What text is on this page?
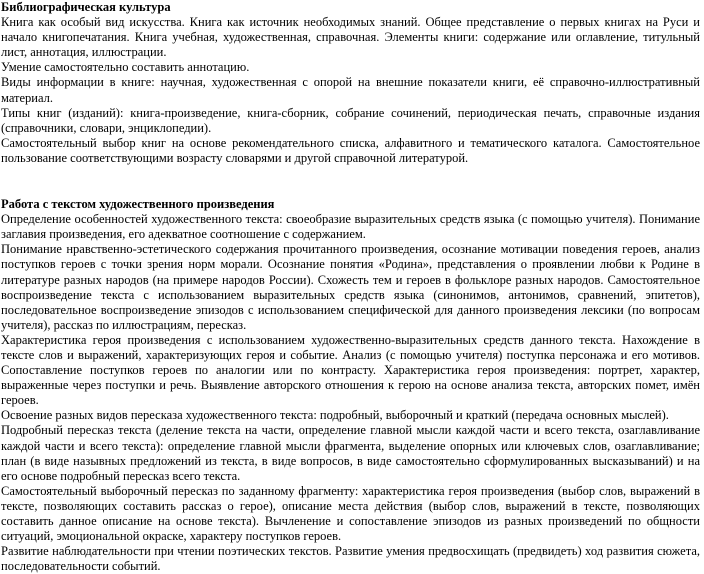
Библиографическая культура

Книга как особый вид искусства. Книга как источник необходимых знаний. Общее представление о первых книгах на Руси и начало книгопечатания. Книга учебная, художественная, справочная. Элементы книги: содержание или оглавление, титульный лист, аннотация, иллюстрации.

Умение самостоятельно составить аннотацию.

Виды информации в книге: научная, художественная с опорой на внешние показатели книги, её справочно-иллюстративный материал.

Типы книг (изданий): книга-произведение, книга-сборник, собрание сочинений, периодическая печать, справочные издания (справочники, словари, энциклопедии).

Самостоятельный выбор книг на основе рекомендательного списка, алфавитного и тематического каталога. Самостоятельное пользование соответствующими возрасту словарями и другой справочной литературой.

Работа с текстом художественного произведения

Определение особенностей художественного текста: своеобразие выразительных средств языка (с помощью учителя). Понимание заглавия произведения, его адекватное соотношение с содержанием.

Понимание нравственно-эстетического содержания прочитанного произведения, осознание мотивации поведения героев, анализ поступков героев с точки зрения норм морали. Осознание понятия «Родина», представления о проявлении любви к Родине в литературе разных народов (на примере народов России). Схожесть тем и героев в фольклоре разных народов. Самостоятельное воспроизведение текста с использованием выразительных средств языка (синонимов, антонимов, сравнений, эпитетов), последовательное воспроизведение эпизодов с использованием специфической для данного произведения лексики (по вопросам учителя), рассказ по иллюстрациям, пересказ.

Характеристика героя произведения с использованием художественно-выразительных средств данного текста. Нахождение в тексте слов и выражений, характеризующих героя и событие. Анализ (с помощью учителя) поступка персонажа и его мотивов. Сопоставление поступков героев по аналогии или по контрасту. Характеристика героя произведения: портрет, характер, выраженные через поступки и речь. Выявление авторского отношения к герою на основе анализа текста, авторских помет, имён героев.

Освоение разных видов пересказа художественного текста: подробный, выборочный и краткий (передача основных мыслей).

Подробный пересказ текста (деление текста на части, определение главной мысли каждой части и всего текста, озаглавливание каждой части и всего текста): определение главной мысли фрагмента, выделение опорных или ключевых слов, озаглавливание; план (в виде назывных предложений из текста, в виде вопросов, в виде самостоятельно сформулированных высказываний) и на его основе подробный пересказ всего текста.

Самостоятельный выборочный пересказ по заданному фрагменту: характеристика героя произведения (выбор слов, выражений в тексте, позволяющих составить рассказ о герое), описание места действия (выбор слов, выражений в тексте, позволяющих составить данное описание на основе текста). Вычленение и сопоставление эпизодов из разных произведений по общности ситуаций, эмоциональной окраске, характеру поступков героев.

Развитие наблюдательности при чтении поэтических текстов. Развитие умения предвосхищать (предвидеть) ход развития сюжета, последовательности событий.
